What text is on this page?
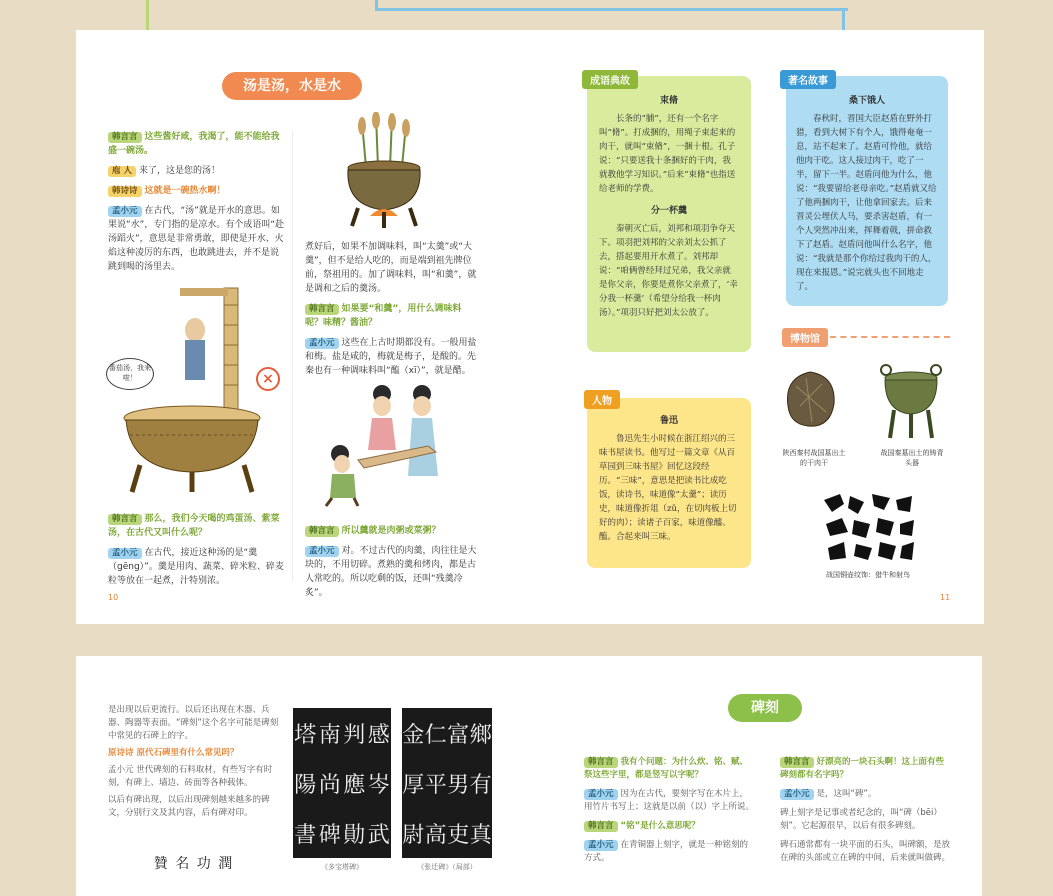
汤是汤，水是水
韩言言 这些酱好咸，我渴了，能不能给我盛一碗汤。
庖 人 来了，这是您的汤！
韩诗诗 这就是一碗热水啊！
孟小元 在古代，“汤”就是开水的意思。如果说“水”，专门指的是凉水。有个成语叫“赴汤蹈火”，意思是非常勇敢，即使是开水、火焰这种凌厉的东西，也敢跳进去，并不是说跳到喝的汤里去。
番茄汤，我来啦！	×
韩言言 那么，我们今天喝的鸡蛋汤、紫菜汤，在古代又叫什么呢？
孟小元 在古代，接近这种汤的是“羹（gēng）”。羹是用肉、蔬菜、碎米粒、碎麦粒等放在一起煮，汁特别浓。
10
煮好后，如果不加调味料，叫“太羹”或“大羹”，但不是给人吃的，而是端到祖先牌位前，祭祖用的。加了调味料，叫“和羹”，就是调和之后的羹汤。
韩言言 如果要“和羹”，用什么调味料呢？味精？酱油？
孟小元 这些在上古时期都没有。一般用盐和梅。盐是咸的，梅就是梅子，是酸的。先秦也有一种调味料叫“醢（xī）”，就是醋。
韩言言 所以羹就是肉粥或菜粥？
孟小元 对。不过古代的肉羹，肉往往是大块的，不用切碎。煮熟的羹和烤肉，都是古人常吃的。所以吃剩的饭，还叫“残羹冷炙”。
束脩

长条的“脯”，还有一个名字叫“脩”。打成捆的，用绳子束起来的肉干，就叫“束脩”，一捆十根。孔子说：“只要送我十条捆好的干肉，我就教他学习知识。”后来“束脩”也指送给老师的学费。

分一杯羹

秦朝灭亡后，刘邦和项羽争夺天下。项羽把刘邦的父亲刘太公抓了去，搭起要用开水煮了。刘邦却说：“咱俩曾经拜过兄弟，我父亲就是你父亲，你要是煮你父亲煮了，‘幸分我一杯羹’（希望分给我一杯肉汤）。”项羽只好把刘太公放了。

成语典故
桑下饿人

春秋时，晋国大臣赵盾在野外打猎，看到大树下有个人，饿得奄奄一息，站不起来了。赵盾可怜他，就给他肉干吃。这人接过肉干，吃了一半，留下一半。赵盾问他为什么，他说：“我要留给老母亲吃。”赵盾就又给了他两捆肉干，让他拿回家去。后来晋灵公埋伏人马，要杀害赵盾，有一个人突然冲出来，挥舞着戟，拼命救下了赵盾。赵盾问他叫什么名字，他说：“我就是那个你给过我肉干的人，现在来报恩。”说完就头也不回地走了。

著名故事
鲁迅

鲁迅先生小时候在浙江绍兴的三味书屋读书。他写过一篇文章《从百草园到三味书屋》回忆这段经历。“三味”，意思是把读书比成吃饭，读诗书，味道像“太羹”；读历史，味道像折俎（zǔ，在切肉板上切好的肉）；读诸子百家，味道像醯、醢。合起来叫三味。

人物
博物馆
陕西秦村战国墓出土的干肉干
战国秦墓出土的铸青头器
战国铜壶纹饰：猎牛和射鸟
11
是出现以后更流行。以后还出现在木器、兵器、陶器等表面。“碑刻”这个名字可能是碑刻中常见的石碑上的字。
原诗诗 原代石碑里有什么常见吗？
孟小元 世代碑刻的石料取材，有些写字有时刻，有碑上、墙边、砖面等各种载体。
以后有碑出现，以后出现碑刻越来越多的碑文，分别行文及其内容，后有碑对印。
塔 南 判 感
陽 尚 應 岑
書 碑 勛 武
金 仁 富 鄉
厚 平 男 有
尉 高 吏 真
《多宝塔碑》	《张迁碑》（局部）
贊 名 功 潤
碑刻
韩言言 我有个问题：为什么炊、铭、赋、祭这些字里，都是竖写以字呢？
孟小元 因为在古代，要刻字写在木片上，用竹片书写上；这就是以前（以）字上所说。
韩言言 “铭”是什么意思呢？
孟小元 在青铜器上刻字，就是一种铭刻的方式。
韩言言 好漂亮的一块石头啊！这上面有些碑刻都有名字吗？
孟小元 是，这叫“碑”。
碑上刻字是记事或者纪念的，叫“碑（bēi）刻”。它起源很早，以后有很多碑刻。
碑石通常都有一块平面的石头，叫碑额，是放在碑的头部或立在碑的中间，后来就叫做碑。
